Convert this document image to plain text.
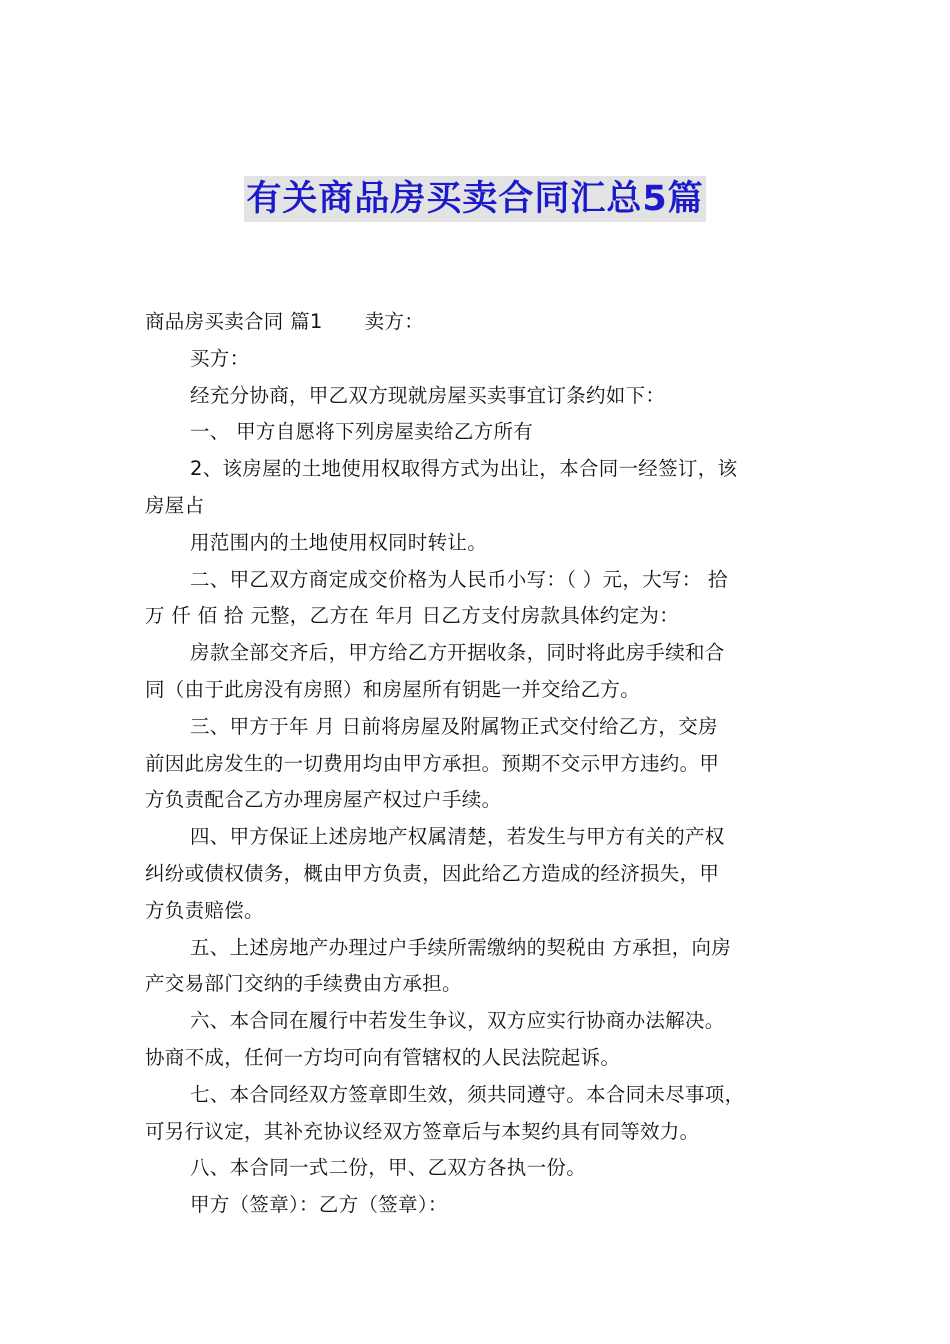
有关商品房买卖合同汇总5篇
商品房买卖合同 篇1 卖方：
买方：
经充分协商，甲乙双方现就房屋买卖事宜订条约如下：
一、 甲方自愿将下列房屋卖给乙方所有
2、该房屋的土地使用权取得方式为出让，本合同一经签订，该
房屋占
用范围内的土地使用权同时转让。
二、甲乙双方商定成交价格为人民币小写：（ ）元，大写： 拾
万 仟 佰 拾 元整，乙方在 年月 日乙方支付房款具体约定为：
房款全部交齐后，甲方给乙方开据收条，同时将此房手续和合
同（由于此房没有房照）和房屋所有钥匙一并交给乙方。
三、甲方于年 月 日前将房屋及附属物正式交付给乙方，交房
前因此房发生的一切费用均由甲方承担。预期不交示甲方违约。甲
方负责配合乙方办理房屋产权过户手续。
四、甲方保证上述房地产权属清楚，若发生与甲方有关的产权
纠纷或债权债务，概由甲方负责，因此给乙方造成的经济损失，甲
方负责赔偿。
五、上述房地产办理过户手续所需缴纳的契税由 方承担，向房
产交易部门交纳的手续费由方承担。
六、本合同在履行中若发生争议，双方应实行协商办法解决。
协商不成，任何一方均可向有管辖权的人民法院起诉。
七、本合同经双方签章即生效，须共同遵守。本合同未尽事项，
可另行议定，其补充协议经双方签章后与本契约具有同等效力。
八、本合同一式二份，甲、乙双方各执一份。
甲方（签章）：乙方（签章）：
